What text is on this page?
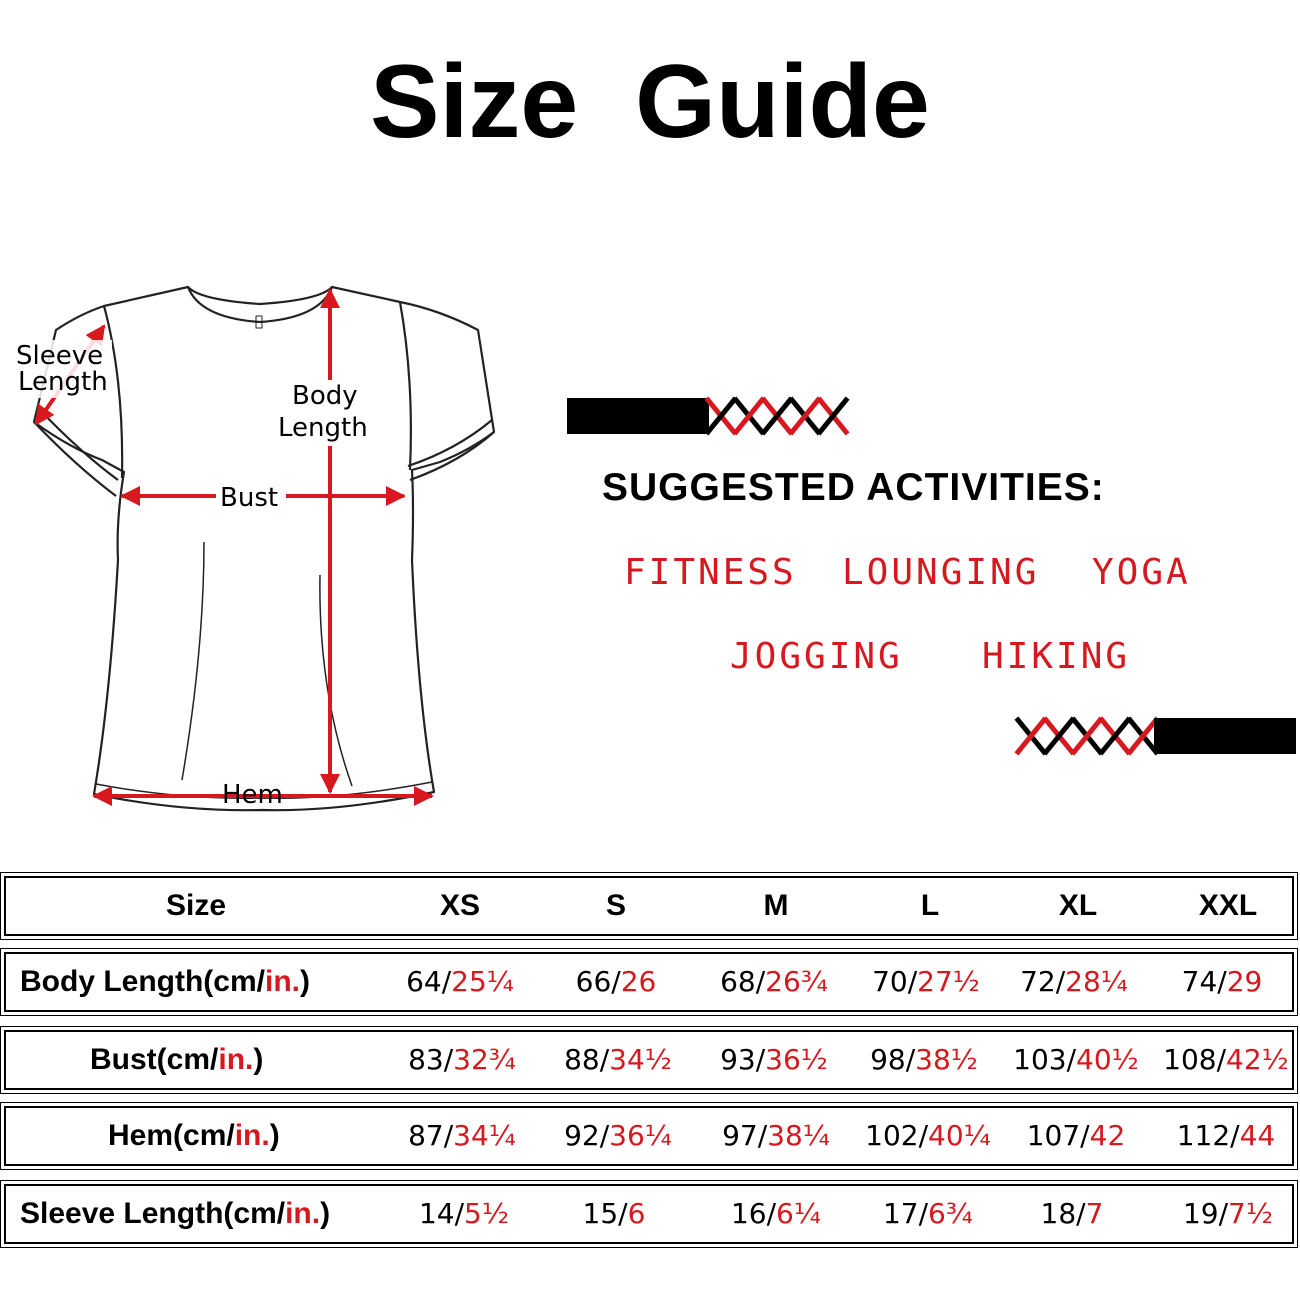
Size Guide
Sleeve
Length	Body
Length
Bust
Hem
SUGGESTED ACTIVITIES:
FITNESS LOUNGING YOGA
JOGGING HIKING
Size	XS	S	M	L	XL	XXL
Body Length(cm/in.)	64/25¼	66/26	68/26¾	70/27½	72/28¼	74/29
Bust(cm/in.)	83/32¾	88/34½	93/36½	98/38½	103/40½ 108/42½
Hem(cm/in.)	87/34¼	92/36¼	97/38¼	102/40¼	107/42	112/44
Sleeve Length(cm/in.)	14/5½	15/6	16/6¼	17/6¾	18/7	19/7½
